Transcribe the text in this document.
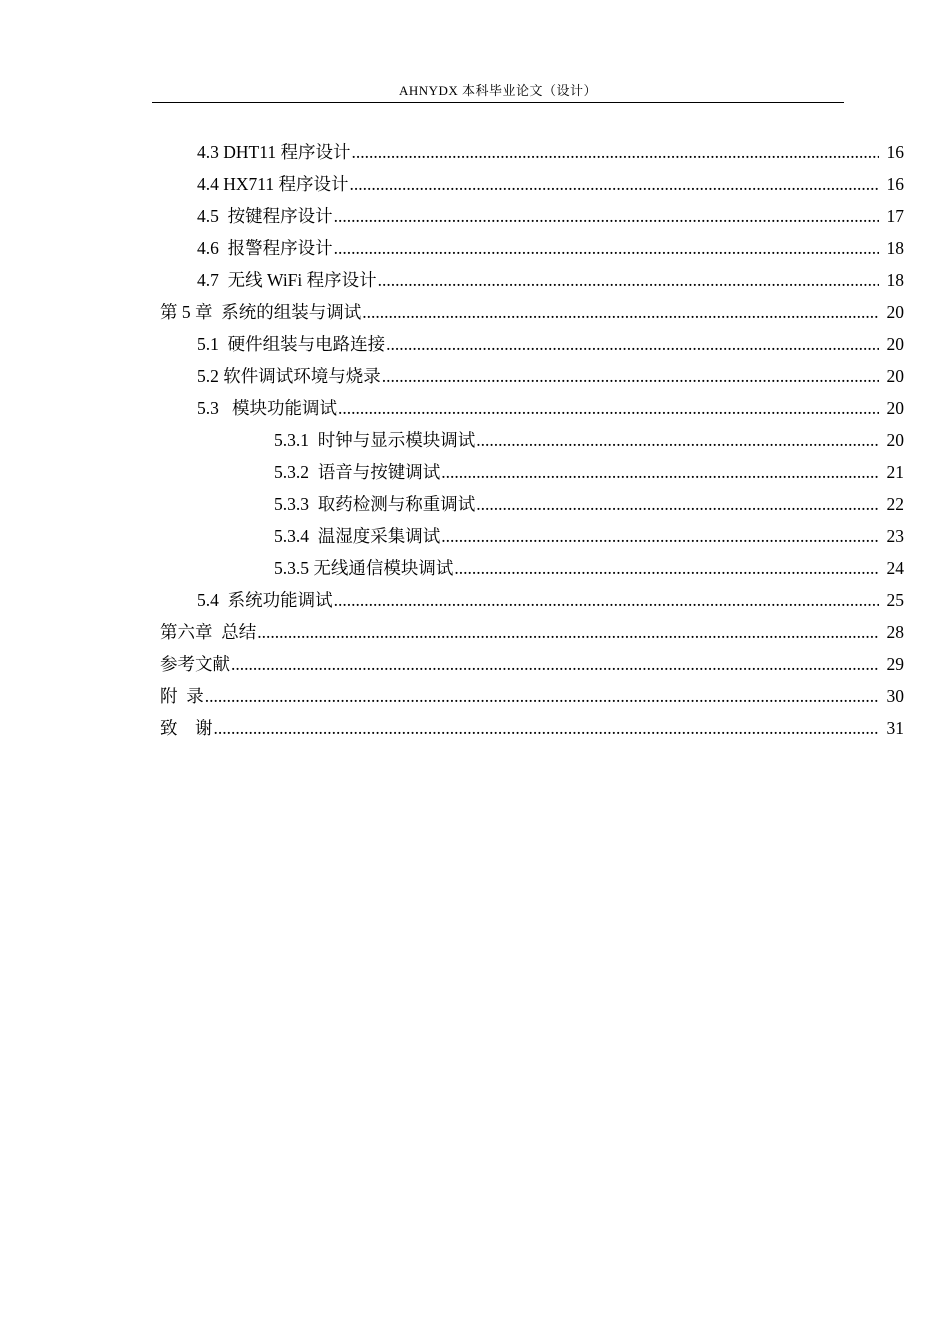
AHNYDX 本科毕业论文（设计）
4.3 DHT11 程序设计 .....	16
4.4 HX711 程序设计 .....	16
4.5  按键程序设计 .....	17
4.6  报警程序设计 .....	18
4.7  无线 WiFi 程序设计 .....	18
第 5 章  系统的组装与调试 .....	20
5.1  硬件组装与电路连接 .....	20
5.2 软件调试环境与烧录 .....	20
5.3   模块功能调试 .....	20
5.3.1  时钟与显示模块调试 .....	20
5.3.2  语音与按键调试 .....	21
5.3.3  取药检测与称重调试 .....	22
5.3.4  温湿度采集调试 .....	23
5.3.5 无线通信模块调试 .....	24
5.4  系统功能调试 .....	25
第六章  总结 .....	28
参考文献 .....	29
附  录 .....	30
致    谢 .....	31
